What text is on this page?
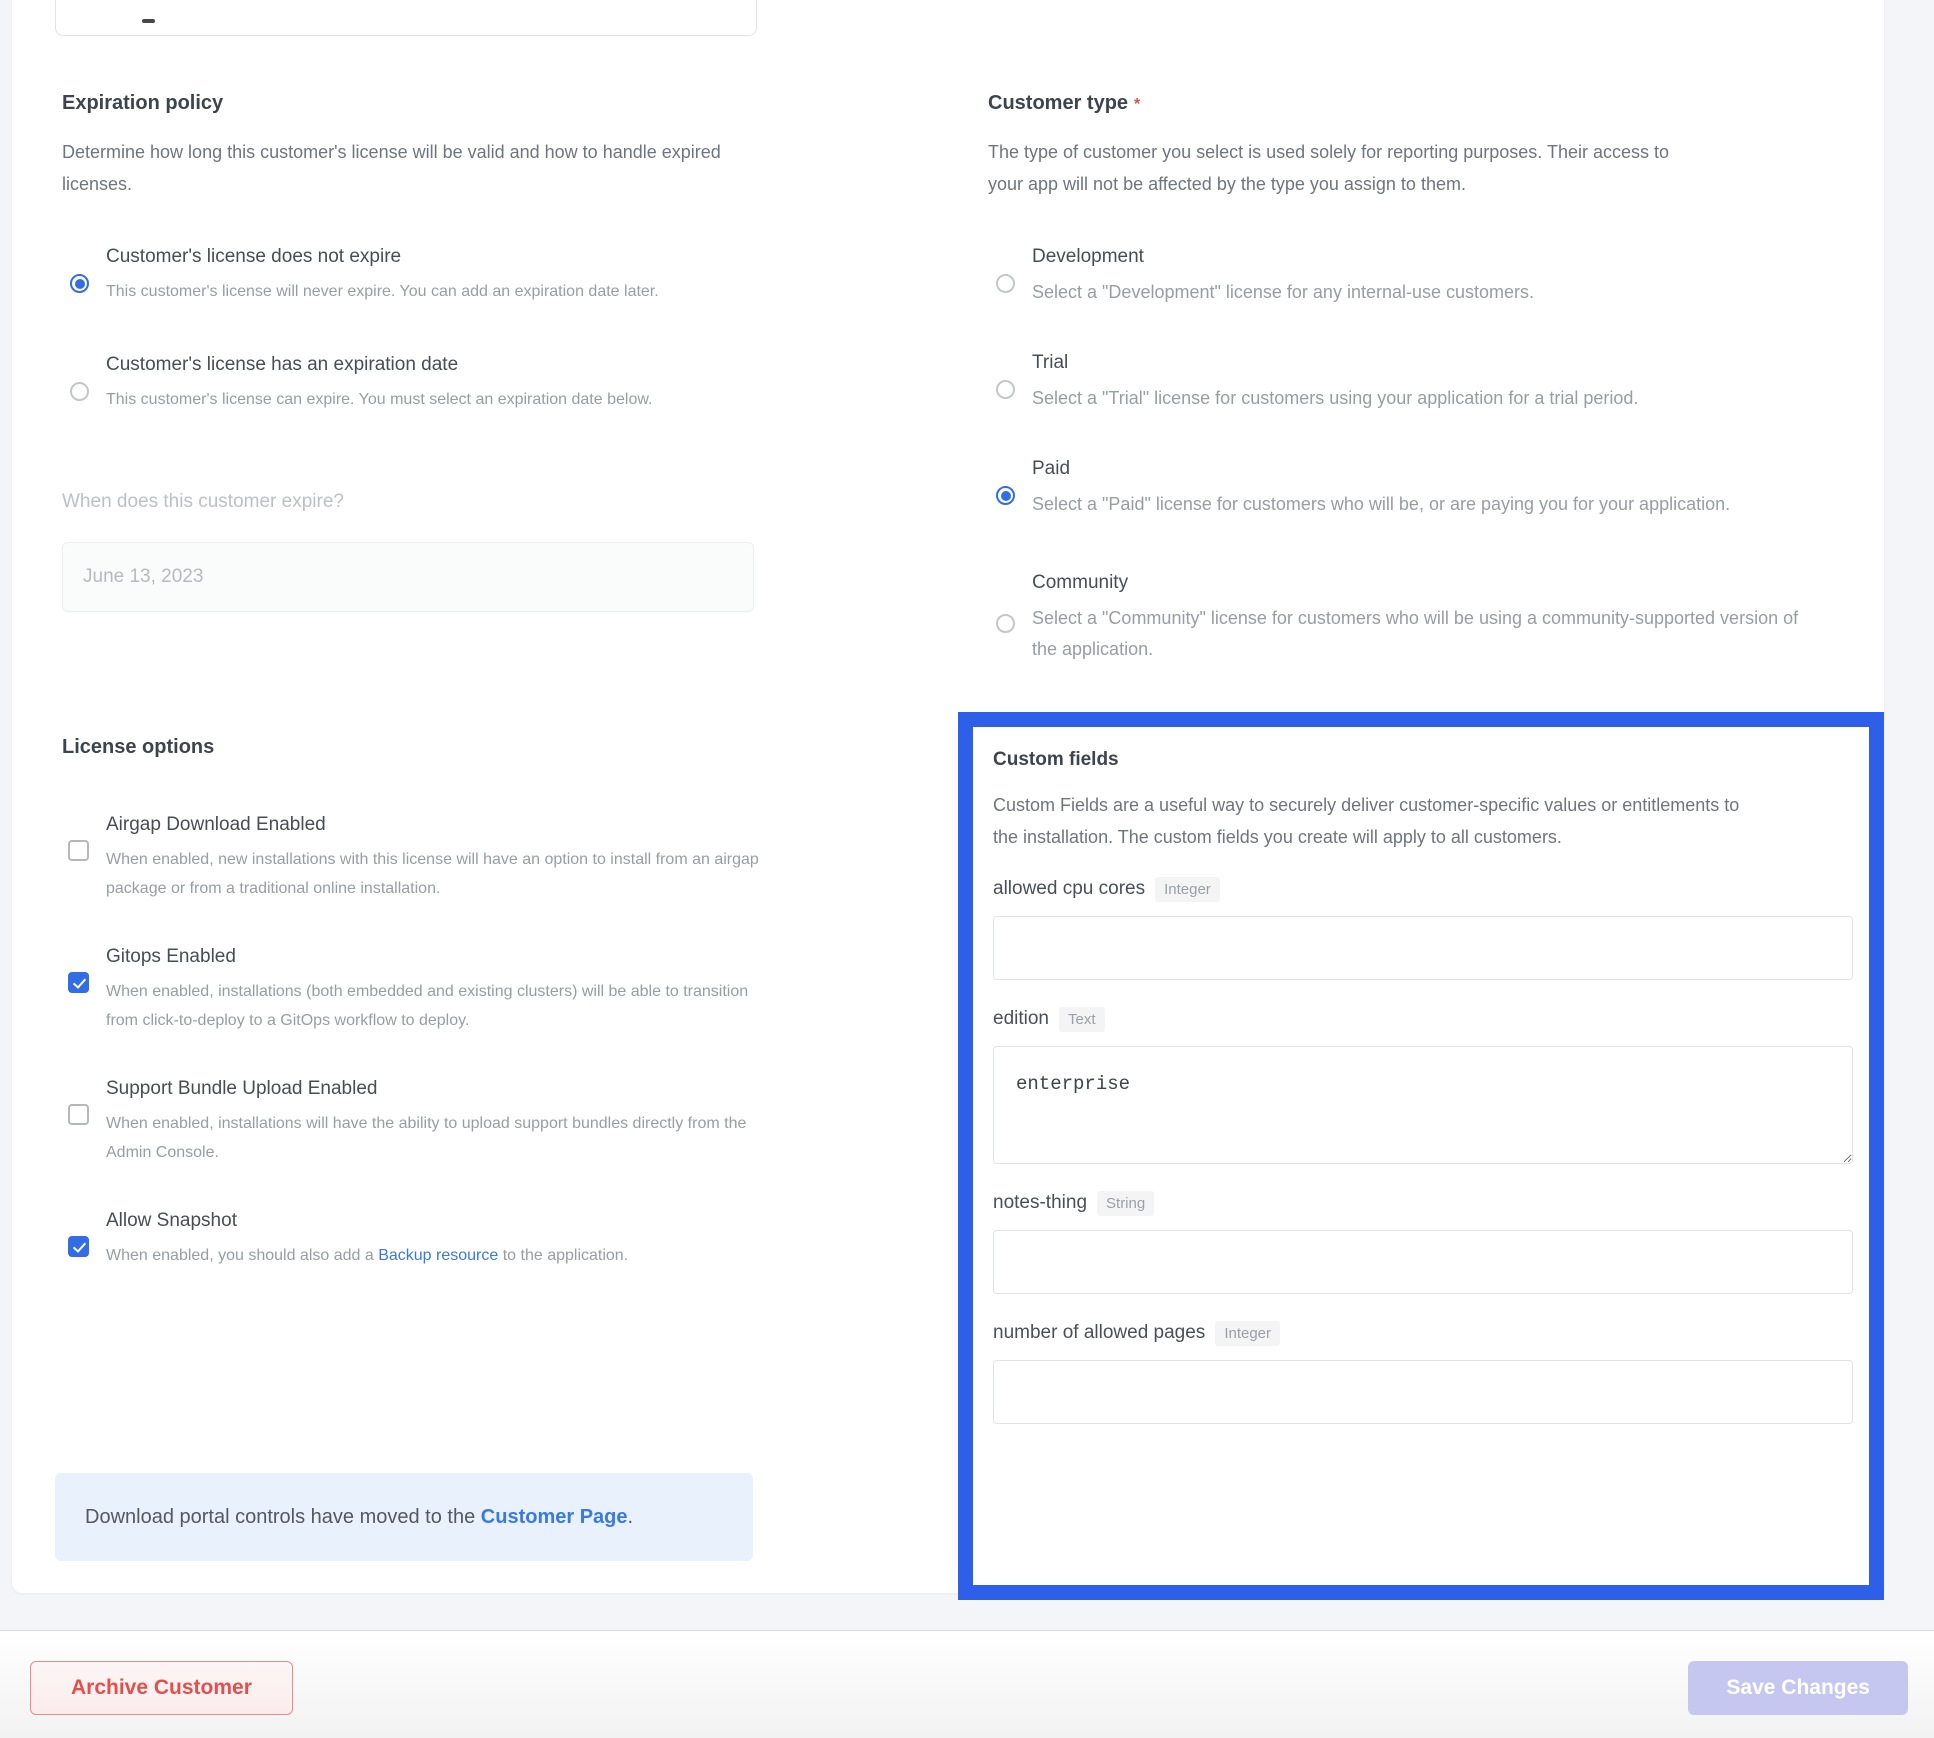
Expiration policy
Determine how long this customer's license will be valid and how to handle expired licenses.
Customer's license does not expire
This customer's license will never expire. You can add an expiration date later.
Customer's license has an expiration date
This customer's license can expire. You must select an expiration date below.
When does this customer expire?
June 13, 2023
License options
Airgap Download Enabled
When enabled, new installations with this license will have an option to install from an airgap package or from a traditional online installation.
Gitops Enabled
When enabled, installations (both embedded and existing clusters) will be able to transition from click-to-deploy to a GitOps workflow to deploy.
Support Bundle Upload Enabled
When enabled, installations will have the ability to upload support bundles directly from the Admin Console.
Allow Snapshot
When enabled, you should also add a Backup resource to the application.
Download portal controls have moved to the
Customer Page .
Customer type *
The type of customer you select is used solely for reporting purposes. Their access to your app will not be affected by the type you assign to them.
Development
Select a "Development" license for any internal-use customers.
Trial
Select a "Trial" license for customers using your application for a trial period.
Paid
Select a "Paid" license for customers who will be, or are paying you for your application.
Community
Select a "Community" license for customers who will be using a community-supported version of the application.
Custom fields
Custom Fields are a useful way to securely deliver customer-specific values or entitlements to the installation. The custom fields you create will apply to all customers.
allowed cpu cores Integer
edition Text
enterprise
notes-thing String
number of allowed pages Integer
Archive Customer	Save Changes
